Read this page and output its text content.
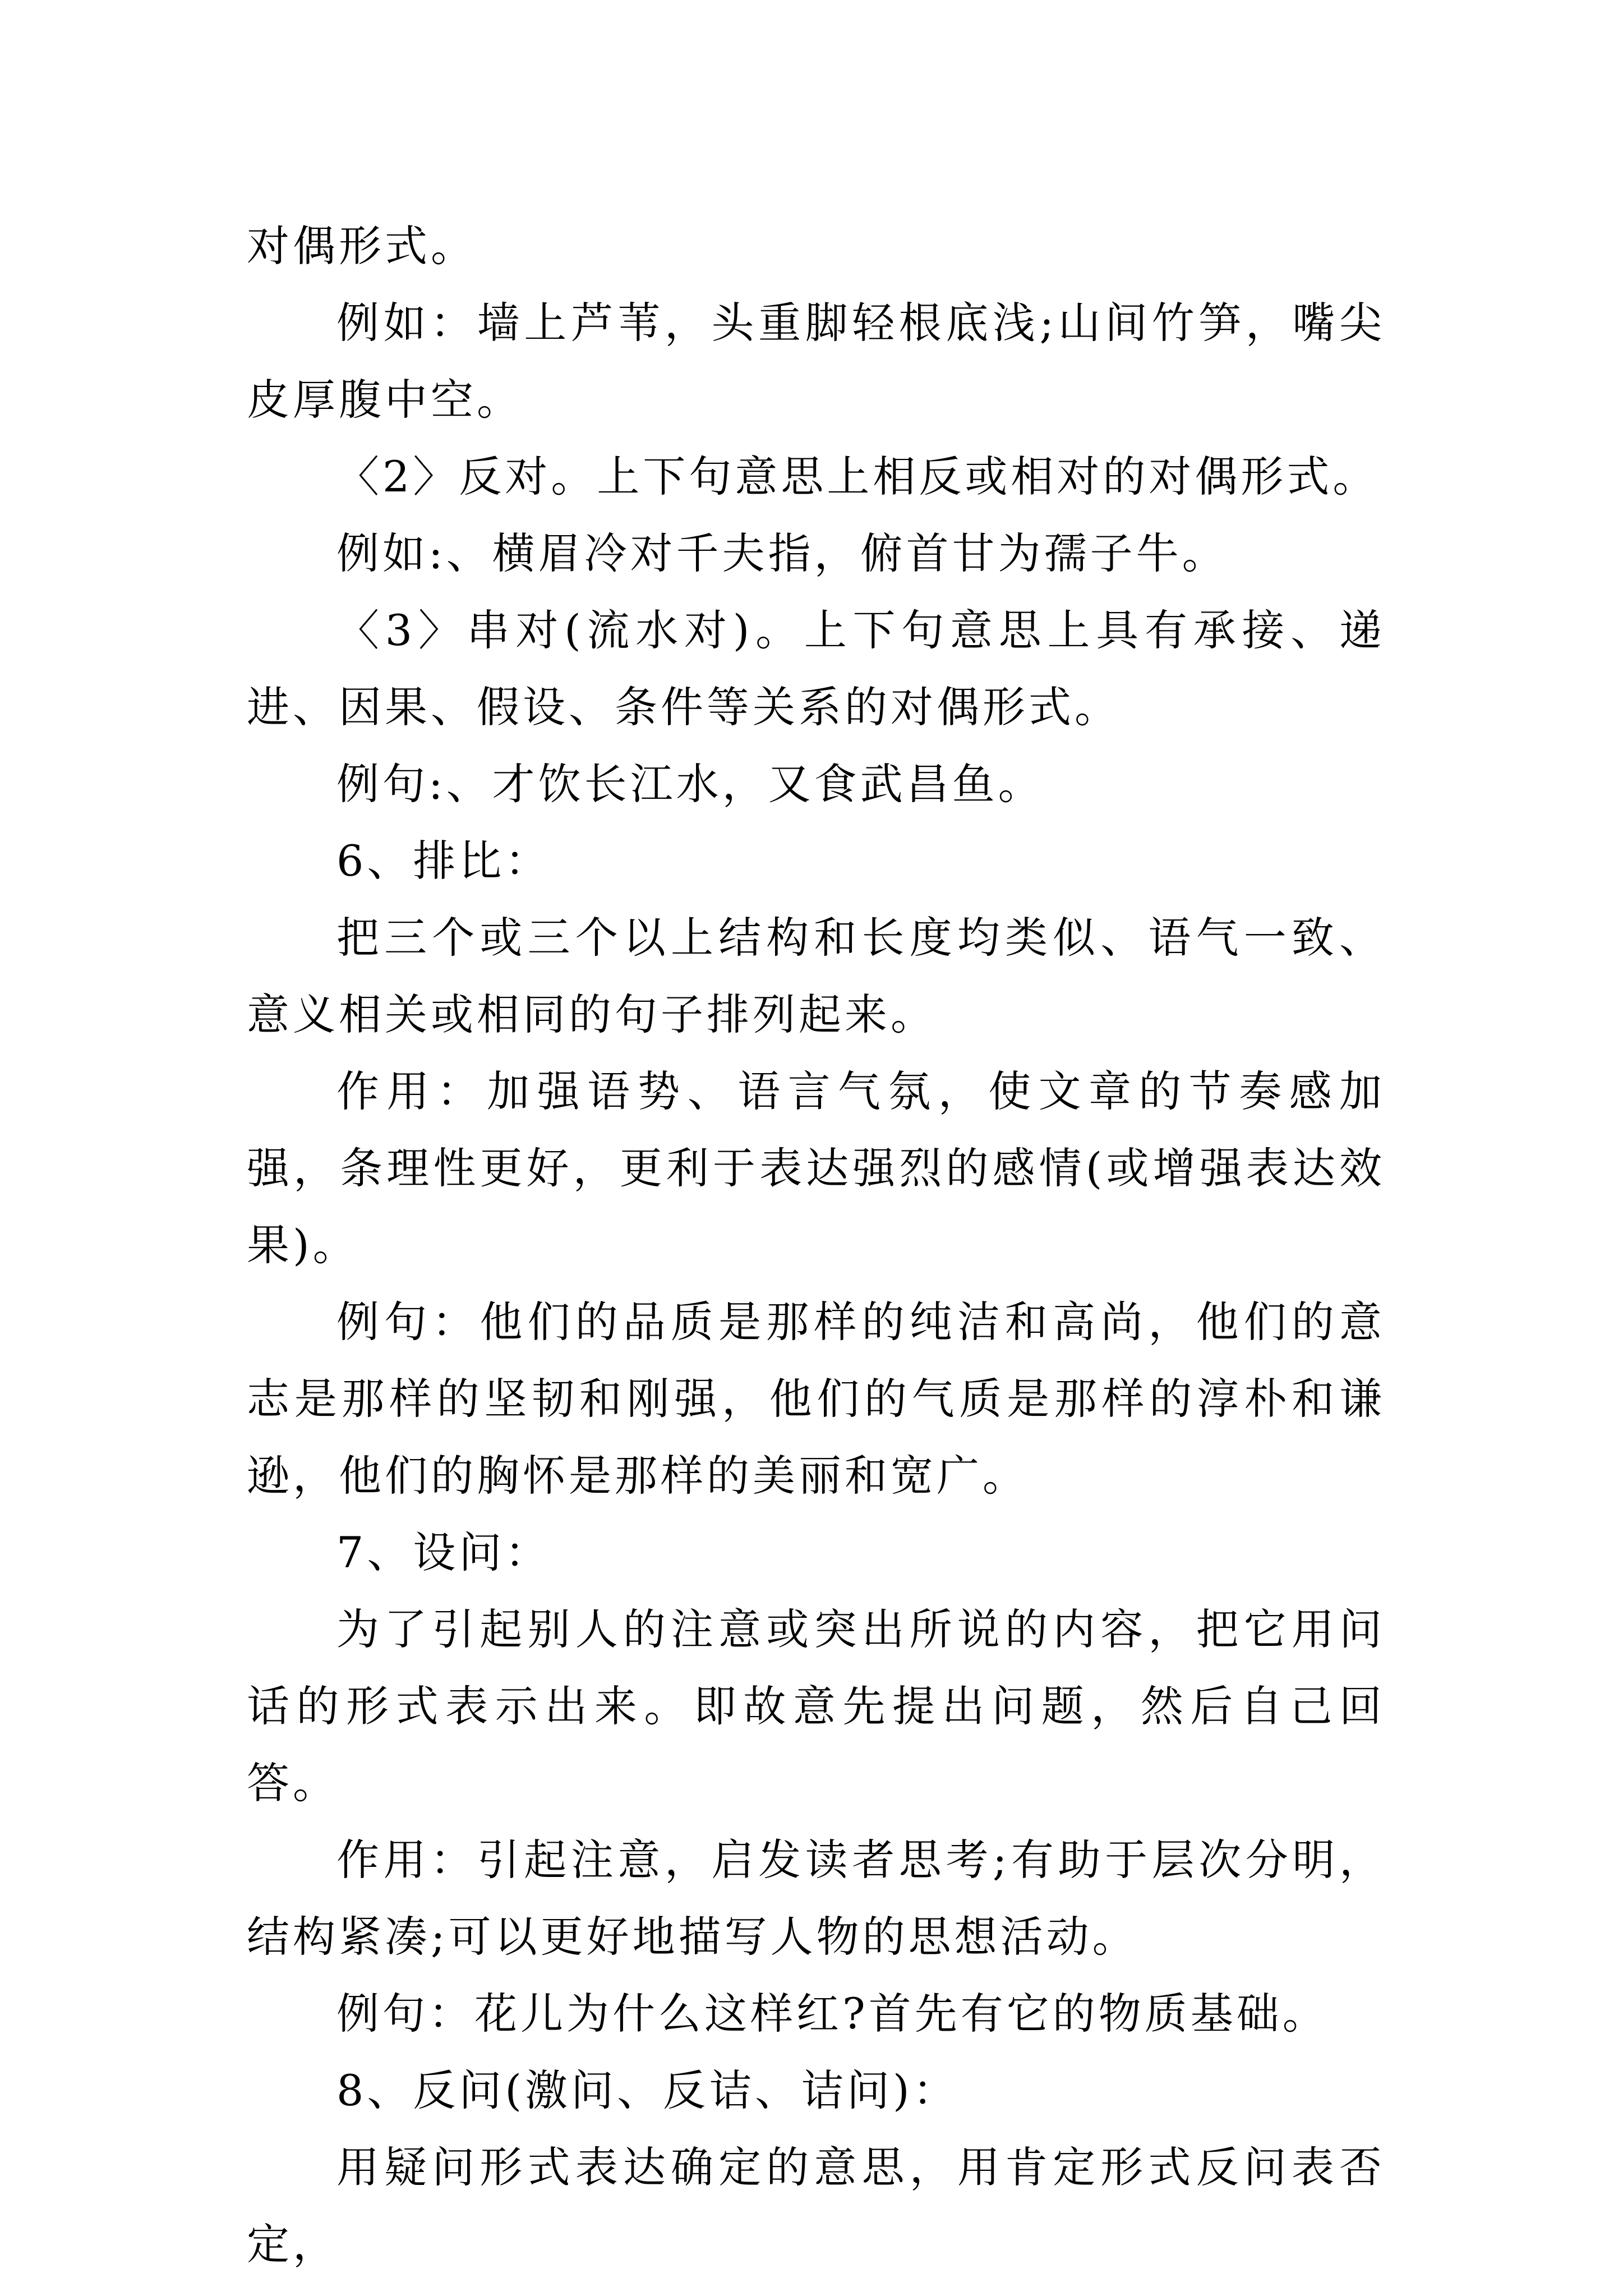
对偶形式。

例如：墙上芦苇，头重脚轻根底浅;山间竹笋，嘴尖皮厚腹中空。

〈2〉反对。上下句意思上相反或相对的对偶形式。

例如:、横眉冷对千夫指，俯首甘为孺子牛。

〈3〉串对(流水对)。上下句意思上具有承接、递进、因果、假设、条件等关系的对偶形式。

例句:、才饮长江水，又食武昌鱼。

6、排比：

把三个或三个以上结构和长度均类似、语气一致、意义相关或相同的句子排列起来。

作用：加强语势、语言气氛，使文章的节奏感加强，条理性更好，更利于表达强烈的感情(或增强表达效果)。

例句：他们的品质是那样的纯洁和高尚，他们的意志是那样的坚韧和刚强，他们的气质是那样的淳朴和谦逊，他们的胸怀是那样的美丽和宽广。

7、设问：

为了引起别人的注意或突出所说的内容，把它用问话的形式表示出来。即故意先提出问题，然后自己回答。

作用：引起注意，启发读者思考;有助于层次分明，结构紧凑;可以更好地描写人物的思想活动。

例句：花儿为什么这样红?首先有它的物质基础。

8、反问(激问、反诘、诘问)：

用疑问形式表达确定的意思，用肯定形式反问表否定，
